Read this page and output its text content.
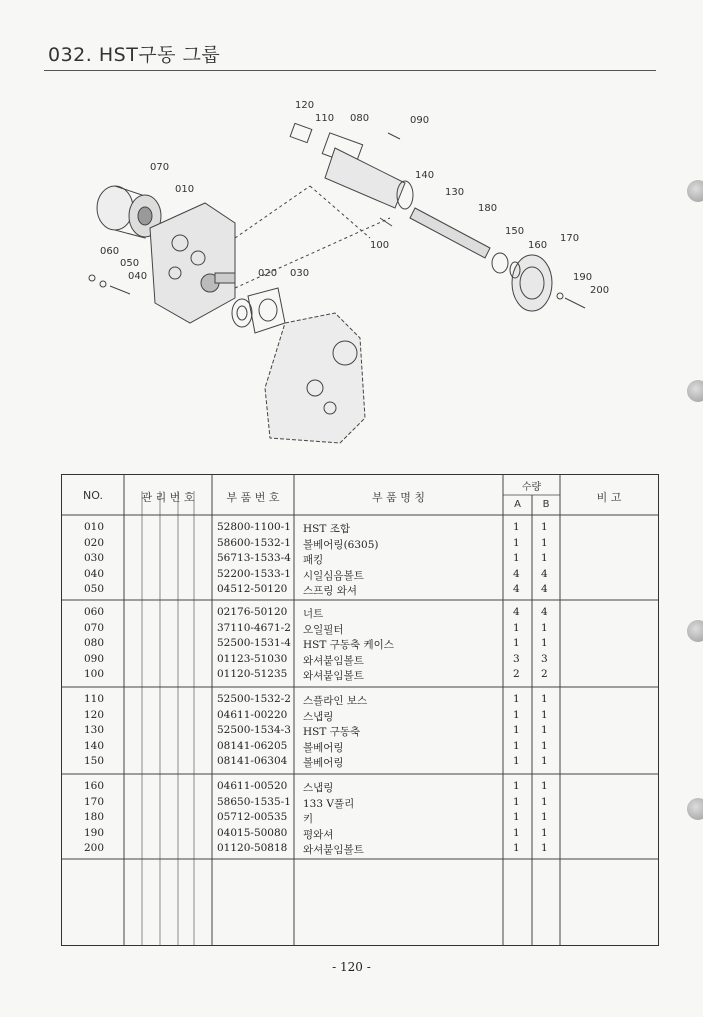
032. HST구동 그룹
120
110 080	090
070
010
140
130
180
060
050
040	020 030
100
150
160
170
190
200
NO.	관 리 번 호	부 품 번 호	부 품 명 칭
수량
A	B
비 고
010	52800-1100-1 HST 조합	1 1
020	58600-1532-1 볼베어링(6305)	1 1
030	56713-1533-4 패킹	1 1
040	52200-1533-1 시일심음볼트	4 4
050	04512-50120 스프링 와셔	4 4
060	02176-50120 너트	4 4
070	37110-4671-2 오일필터	1 1
080	52500-1531-4 HST 구동축 케이스	1 1
090	01123-51030 와셔붙임볼트	3 3
100	01120-51235 와셔붙임볼트	2 2
110	52500-1532-2 스플라인 보스	1 1
120	04611-00220 스냅링	1 1
130	52500-1534-3 HST 구동축	1 1
140	08141-06205 볼베어링	1 1
150	08141-06304 볼베어링	1 1
160	04611-00520 스냅링	1 1
170	58650-1535-1 133 V풀리	1 1
180	05712-00535 키	1 1
190	04015-50080 평와셔	1 1
200	01120-50818 와셔붙임볼트	1 1
- 120 -
